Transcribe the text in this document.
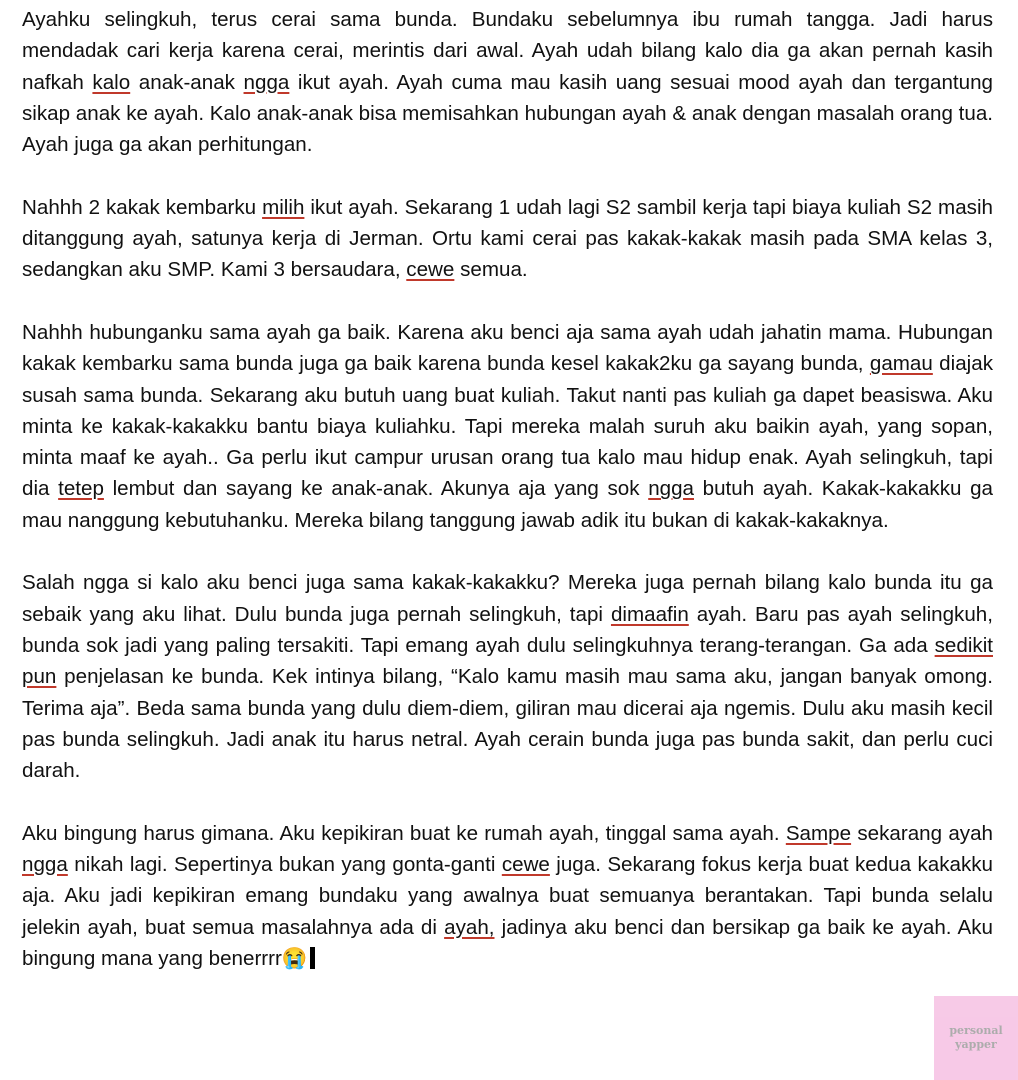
Ayahku selingkuh, terus cerai sama bunda. Bundaku sebelumnya ibu rumah tangga. Jadi harus mendadak cari kerja karena cerai, merintis dari awal. Ayah udah bilang kalo dia ga akan pernah kasih nafkah kalo anak-anak ngga ikut ayah. Ayah cuma mau kasih uang sesuai mood ayah dan tergantung sikap anak ke ayah. Kalo anak-anak bisa memisahkan hubungan ayah & anak dengan masalah orang tua. Ayah juga ga akan perhitungan.

Nahhh 2 kakak kembarku milih ikut ayah. Sekarang 1 udah lagi S2 sambil kerja tapi biaya kuliah S2 masih ditanggung ayah, satunya kerja di Jerman. Ortu kami cerai pas kakak-kakak masih pada SMA kelas 3, sedangkan aku SMP. Kami 3 bersaudara, cewe semua.

Nahhh hubunganku sama ayah ga baik. Karena aku benci aja sama ayah udah jahatin mama. Hubungan kakak kembarku sama bunda juga ga baik karena bunda kesel kakak2ku ga sayang bunda, gamau diajak susah sama bunda. Sekarang aku butuh uang buat kuliah. Takut nanti pas kuliah ga dapet beasiswa. Aku minta ke kakak-kakakku bantu biaya kuliahku. Tapi mereka malah suruh aku baikin ayah, yang sopan, minta maaf ke ayah.. Ga perlu ikut campur urusan orang tua kalo mau hidup enak. Ayah selingkuh, tapi dia tetep lembut dan sayang ke anak-anak. Akunya aja yang sok ngga butuh ayah. Kakak-kakakku ga mau nanggung kebutuhanku. Mereka bilang tanggung jawab adik itu bukan di kakak-kakaknya.

Salah ngga si kalo aku benci juga sama kakak-kakakku? Mereka juga pernah bilang kalo bunda itu ga sebaik yang aku lihat. Dulu bunda juga pernah selingkuh, tapi dimaafin ayah. Baru pas ayah selingkuh, bunda sok jadi yang paling tersakiti. Tapi emang ayah dulu selingkuhnya terang-terangan. Ga ada sedikit pun penjelasan ke bunda. Kek intinya bilang, “Kalo kamu masih mau sama aku, jangan banyak omong. Terima aja”. Beda sama bunda yang dulu diem-diem, giliran mau dicerai aja ngemis. Dulu aku masih kecil pas bunda selingkuh. Jadi anak itu harus netral. Ayah cerain bunda juga pas bunda sakit, dan perlu cuci darah.

Aku bingung harus gimana. Aku kepikiran buat ke rumah ayah, tinggal sama ayah. Sampe sekarang ayah ngga nikah lagi. Sepertinya bukan yang gonta-ganti cewe juga. Sekarang fokus kerja buat kedua kakakku aja. Aku jadi kepikiran emang bundaku yang awalnya buat semuanya berantakan. Tapi bunda selalu jelekin ayah, buat semua masalahnya ada di ayah, jadinya aku benci dan bersikap ga baik ke ayah. Aku bingung mana yang benerrrr😭

personal
yapper
